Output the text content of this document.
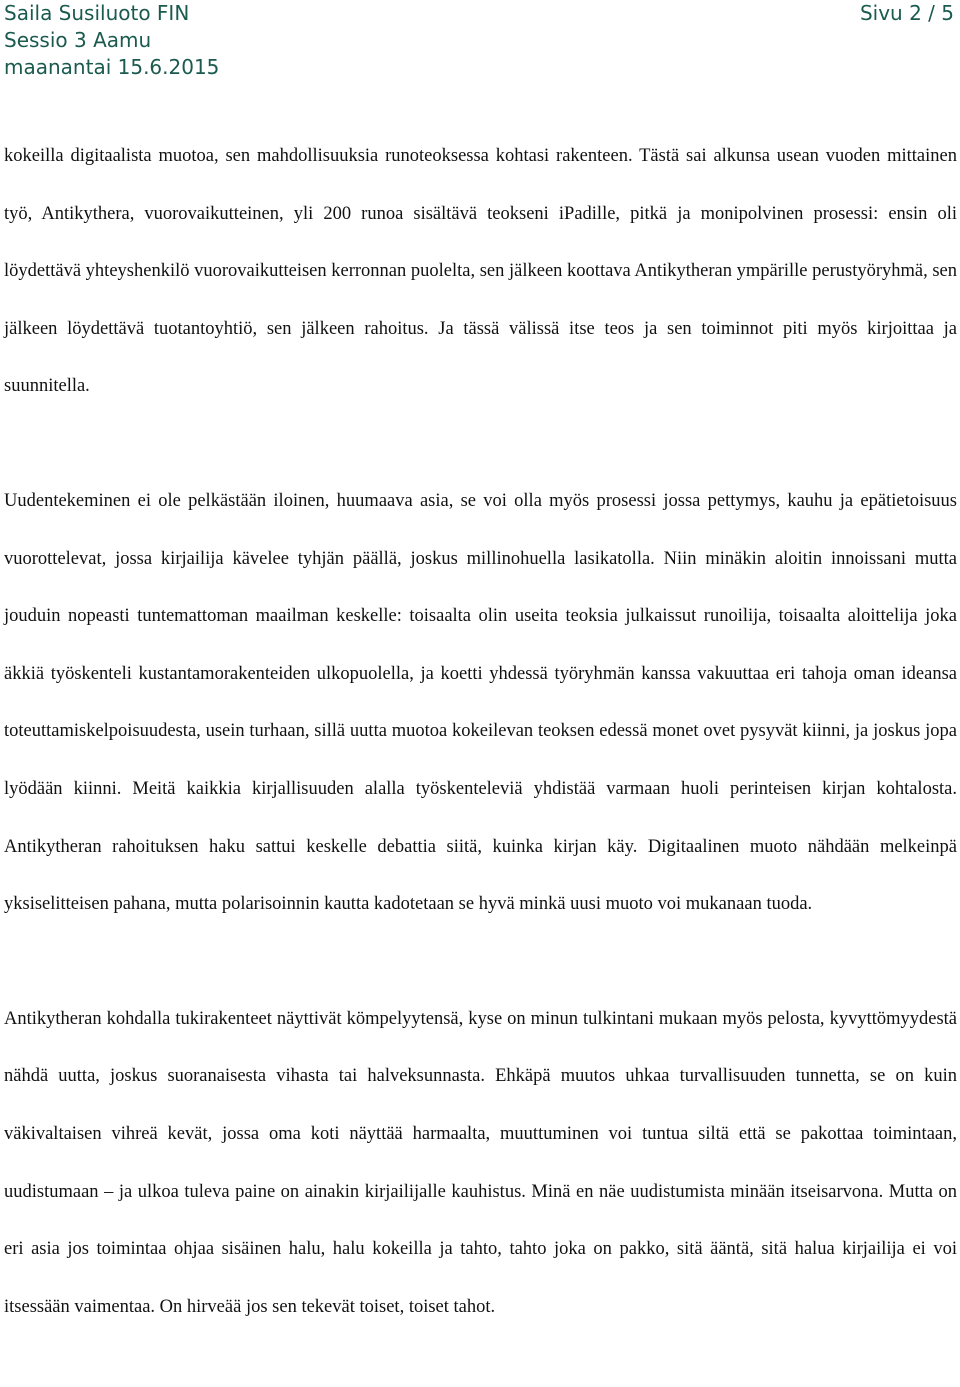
Saila Susiluoto FIN	Sivu 2 / 5
Sessio 3 Aamu
maanantai 15.6.2015

kokeilla digitaalista muotoa, sen mahdollisuuksia runoteoksessa kohtasi rakenteen. Tästä sai alkunsa usean vuoden mittainen työ, Antikythera, vuorovaikutteinen, yli 200 runoa sisältävä teokseni iPadille, pitkä ja monipolvinen prosessi: ensin oli löydettävä yhteyshenkilö vuorovaikutteisen kerronnan puolelta, sen jälkeen koottava Antikytheran ympärille perustyöryhmä, sen jälkeen löydettävä tuotantoyhtiö, sen jälkeen rahoitus. Ja tässä välissä itse teos ja sen toiminnot piti myös kirjoittaa ja suunnitella.

Uudentekeminen ei ole pelkästään iloinen, huumaava asia, se voi olla myös prosessi jossa pettymys, kauhu ja epätietoisuus vuorottelevat, jossa kirjailija kävelee tyhjän päällä, joskus millinohuella lasikatolla. Niin minäkin aloitin innoissani mutta jouduin nopeasti tuntemattoman maailman keskelle: toisaalta olin useita teoksia julkaissut runoilija, toisaalta aloittelija joka äkkiä työskenteli kustantamorakenteiden ulkopuolella, ja koetti yhdessä työryhmän kanssa vakuuttaa eri tahoja oman ideansa toteuttamiskelpoisuudesta, usein turhaan, sillä uutta muotoa kokeilevan teoksen edessä monet ovet pysyvät kiinni, ja joskus jopa lyödään kiinni. Meitä kaikkia kirjallisuuden alalla työskenteleviä yhdistää varmaan huoli perinteisen kirjan kohtalosta. Antikytheran rahoituksen haku sattui keskelle debattia siitä, kuinka kirjan käy. Digitaalinen muoto nähdään melkeinpä yksiselitteisen pahana, mutta polarisoinnin kautta kadotetaan se hyvä minkä uusi muoto voi mukanaan tuoda.

Antikytheran kohdalla tukirakenteet näyttivät kömpelyytensä, kyse on minun tulkintani mukaan myös pelosta, kyvyttömyydestä nähdä uutta, joskus suoranaisesta vihasta tai halveksunnasta. Ehkäpä muutos uhkaa turvallisuuden tunnetta, se on kuin väkivaltaisen vihreä kevät, jossa oma koti näyttää harmaalta, muuttuminen voi tuntua siltä että se pakottaa toimintaan, uudistumaan – ja ulkoa tuleva paine on ainakin kirjailijalle kauhistus. Minä en näe uudistumista minään itseisarvona. Mutta on eri asia jos toimintaa ohjaa sisäinen halu, halu kokeilla ja tahto, tahto joka on pakko, sitä ääntä, sitä halua kirjailija ei voi itsessään vaimentaa. On hirveää jos sen tekevät toiset, toiset tahot.
